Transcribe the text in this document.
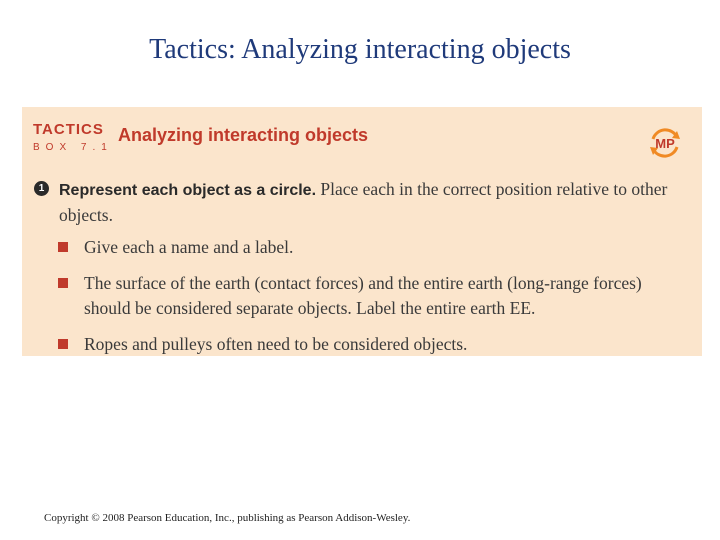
Tactics: Analyzing interacting objects
TACTICS
BOX 7.1
Analyzing interacting objects	MP
1 Represent each object as a circle. Place each in the correct position relative to other objects.
Give each a name and a label.
The surface of the earth (contact forces) and the entire earth (long-range forces) should be considered separate objects. Label the entire earth EE.
Ropes and pulleys often need to be considered objects.
Copyright © 2008 Pearson Education, Inc., publishing as Pearson Addison-Wesley.
